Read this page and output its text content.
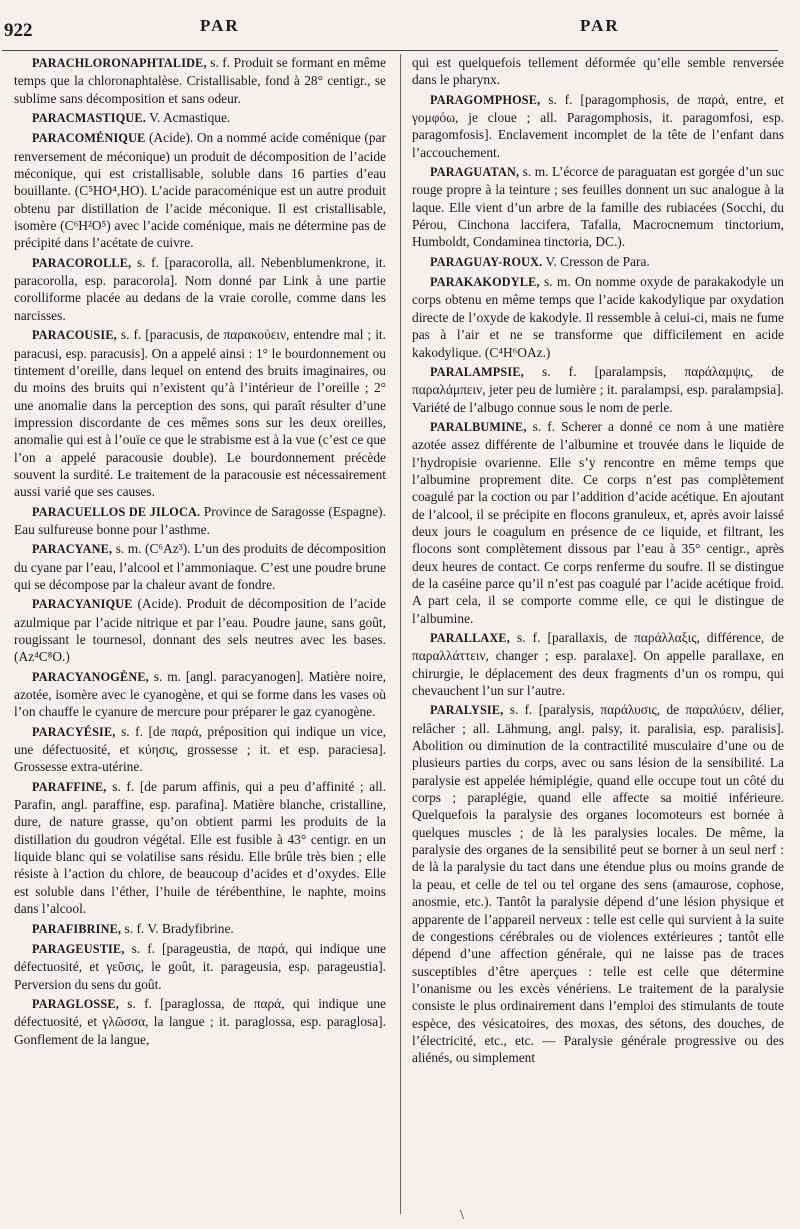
922	PAR	PAR

PARACHLORONAPHTALIDE, s. f. Produit se formant en même temps que la chloronaphtalèse. Cristallisable, fond à 28° centigr., se sublime sans décomposition et sans odeur.

PARACMASTIQUE. V. Acmastique.

PARACOMÉNIQUE (Acide). On a nommé acide coménique (par renversement de méconique) un produit de décomposition de l’acide méconique, qui est cristallisable, soluble dans 16 parties d’eau bouillante. (C⁵HO⁴,HO). L’acide paracoménique est un autre produit obtenu par distillation de l’acide méconique. Il est cristallisable, isomère (C⁶H²O⁵) avec l’acide coménique, mais ne détermine pas de précipité dans l’acétate de cuivre.

PARACOROLLE, s. f. [paracorolla, all. Nebenblumenkrone, it. paracorolla, esp. paracorola]. Nom donné par Link à une partie corolliforme placée au dedans de la vraie corolle, comme dans les narcisses.

PARACOUSIE, s. f. [paracusis, de παρακούειν, entendre mal ; it. paracusi, esp. paracusis]. On a appelé ainsi : 1° le bourdonnement ou tintement d’oreille, dans lequel on entend des bruits imaginaires, ou du moins des bruits qui n’existent qu’à l’intérieur de l’oreille ; 2° une anomalie dans la perception des sons, qui paraît résulter d’une impression discordante de ces mêmes sons sur les deux oreilles, anomalie qui est à l’ouïe ce que le strabisme est à la vue (c’est ce que l’on a appelé paracousie double). Le bourdonnement précède souvent la surdité. Le traitement de la paracousie est nécessairement aussi varié que ses causes.

PARACUELLOS DE JILOCA. Province de Saragosse (Espagne). Eau sulfureuse bonne pour l’asthme.

PARACYANE, s. m. (C⁶Az³). L’un des produits de décomposition du cyane par l’eau, l’alcool et l’ammoniaque. C’est une poudre brune qui se décompose par la chaleur avant de fondre.

PARACYANIQUE (Acide). Produit de décomposition de l’acide azulmique par l’acide nitrique et par l’eau. Poudre jaune, sans goût, rougissant le tournesol, donnant des sels neutres avec les bases. (Az⁴C⁸O.)

PARACYANOGÈNE, s. m. [angl. paracyanogen]. Matière noire, azotée, isomère avec le cyanogène, et qui se forme dans les vases où l’on chauffe le cyanure de mercure pour préparer le gaz cyanogène.

PARACYÉSIE, s. f. [de παρά, préposition qui indique un vice, une défectuosité, et κύησις, grossesse ; it. et esp. paraciesa]. Grossesse extra-utérine.

PARAFFINE, s. f. [de parum affinis, qui a peu d’affinité ; all. Parafin, angl. paraffine, esp. parafina]. Matière blanche, cristalline, dure, de nature grasse, qu’on obtient parmi les produits de la distillation du goudron végétal. Elle est fusible à 43° centigr. en un liquide blanc qui se volatilise sans résidu. Elle brûle très bien ; elle résiste à l’action du chlore, de beaucoup d’acides et d’oxydes. Elle est soluble dans l’éther, l’huile de térébenthine, le naphte, moins dans l’alcool.

PARAFIBRINE, s. f. V. Bradyfibrine.

PARAGEUSTIE, s. f. [parageustia, de παρά, qui indique une défectuosité, et γεῦσις, le goût, it. parageusia, esp. parageustia]. Perversion du sens du goût.

PARAGLOSSE, s. f. [paraglossa, de παρά, qui indique une défectuosité, et γλῶσσα, la langue ; it. paraglossa, esp. paraglosa]. Gonflement de la langue,

qui est quelquefois tellement déformée qu’elle semble renversée dans le pharynx.

PARAGOMPHOSE, s. f. [paragomphosis, de παρά, entre, et γομφόω, je cloue ; all. Paragomphosis, it. paragomfosi, esp. paragomfosis]. Enclavement incomplet de la tête de l’enfant dans l’accouchement.

PARAGUATAN, s. m. L’écorce de paraguatan est gorgée d’un suc rouge propre à la teinture ; ses feuilles donnent un suc analogue à la laque. Elle vient d’un arbre de la famille des rubiacées (Socchi, du Pérou, Cinchona laccifera, Tafalla, Macrocnemum tinctorium, Humboldt, Condaminea tinctoria, DC.).

PARAGUAY-ROUX. V. Cresson de Para.

PARAKAKODYLE, s. m. On nomme oxyde de parakakodyle un corps obtenu en même temps que l’acide kakodylique par oxydation directe de l’oxyde de kakodyle. Il ressemble à celui-ci, mais ne fume pas à l’air et ne se transforme que difficilement en acide kakodylique. (C⁴H⁶OAz.)

PARALAMPSIE, s. f. [paralampsis, παράλαμψις, de παραλάμπειν, jeter peu de lumière ; it. paralampsi, esp. paralampsia]. Variété de l’albugo connue sous le nom de perle.

PARALBUMINE, s. f. Scherer a donné ce nom à une matière azotée assez différente de l’albumine et trouvée dans le liquide de l’hydropisie ovarienne. Elle s’y rencontre en même temps que l’albumine proprement dite. Ce corps n’est pas complètement coagulé par la coction ou par l’addition d’acide acétique. En ajoutant de l’alcool, il se précipite en flocons granuleux, et, après avoir laissé deux jours le coagulum en présence de ce liquide, et filtrant, les flocons sont complètement dissous par l’eau à 35° centigr., après deux heures de contact. Ce corps renferme du soufre. Il se distingue de la caséine parce qu’il n’est pas coagulé par l’acide acétique froid. A part cela, il se comporte comme elle, ce qui le distingue de l’albumine.

PARALLAXE, s. f. [parallaxis, de παράλλαξις, différence, de παραλλάττειν, changer ; esp. paralaxe]. On appelle parallaxe, en chirurgie, le déplacement des deux fragments d’un os rompu, qui chevauchent l’un sur l’autre.

PARALYSIE, s. f. [paralysis, παράλυσις, de παραλύειν, délier, relâcher ; all. Lähmung, angl. palsy, it. paralisia, esp. paralisis]. Abolition ou diminution de la contractilité musculaire d’une ou de plusieurs parties du corps, avec ou sans lésion de la sensibilité. La paralysie est appelée hémiplégie, quand elle occupe tout un côté du corps ; paraplégie, quand elle affecte sa moitié inférieure. Quelquefois la paralysie des organes locomoteurs est bornée à quelques muscles ; de là les paralysies locales. De même, la paralysie des organes de la sensibilité peut se borner à un seul nerf : de là la paralysie du tact dans une étendue plus ou moins grande de la peau, et celle de tel ou tel organe des sens (amaurose, cophose, anosmie, etc.). Tantôt la paralysie dépend d’une lésion physique et apparente de l’appareil nerveux : telle est celle qui survient à la suite de congestions cérébrales ou de violences extérieures ; tantôt elle dépend d’une affection générale, qui ne laisse pas de traces susceptibles d’être aperçues : telle est celle que détermine l’onanisme ou les excès vénériens. Le traitement de la paralysie consiste le plus ordinairement dans l’emploi des stimulants de toute espèce, des vésicatoires, des moxas, des sétons, des douches, de l’électricité, etc., etc. — Paralysie générale progressive ou des aliénés, ou simplement

\
